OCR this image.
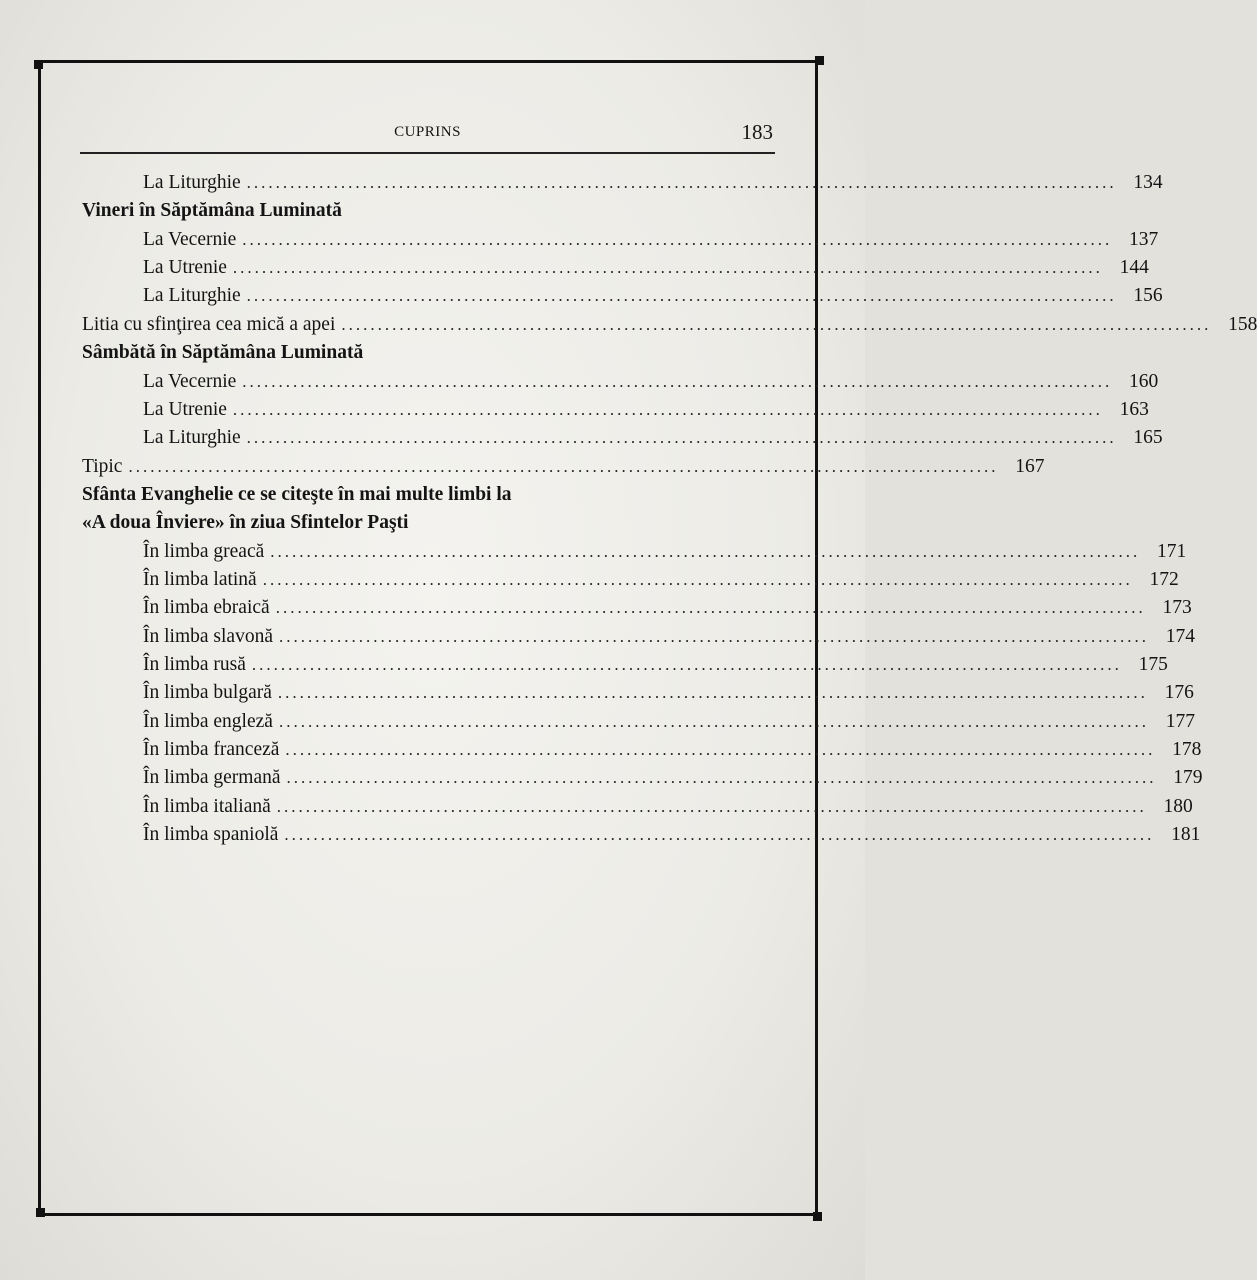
CUPRINS	183
La Liturghie ........................................................................................................................ 134
Vineri în Săptămâna Luminată
La Vecernie ........................................................................................................................ 137
La Utrenie ........................................................................................................................ 144
La Liturghie ........................................................................................................................ 156
Litia cu sfinţirea cea mică a apei ........................................................................................................................ 158
Sâmbătă în Săptămâna Luminată
La Vecernie ........................................................................................................................ 160
La Utrenie ........................................................................................................................ 163
La Liturghie ........................................................................................................................ 165
Tipic ........................................................................................................................ 167
Sfânta Evanghelie ce se citeşte în mai multe limbi la
«A doua Înviere» în ziua Sfintelor Paşti
În limba greacă ........................................................................................................................ 171
În limba latină ........................................................................................................................ 172
În limba ebraică ........................................................................................................................ 173
În limba slavonă ........................................................................................................................ 174
În limba rusă ........................................................................................................................ 175
În limba bulgară ........................................................................................................................ 176
În limba engleză ........................................................................................................................ 177
În limba franceză ........................................................................................................................ 178
În limba germană ........................................................................................................................ 179
În limba italiană ........................................................................................................................ 180
În limba spaniolă ........................................................................................................................ 181
